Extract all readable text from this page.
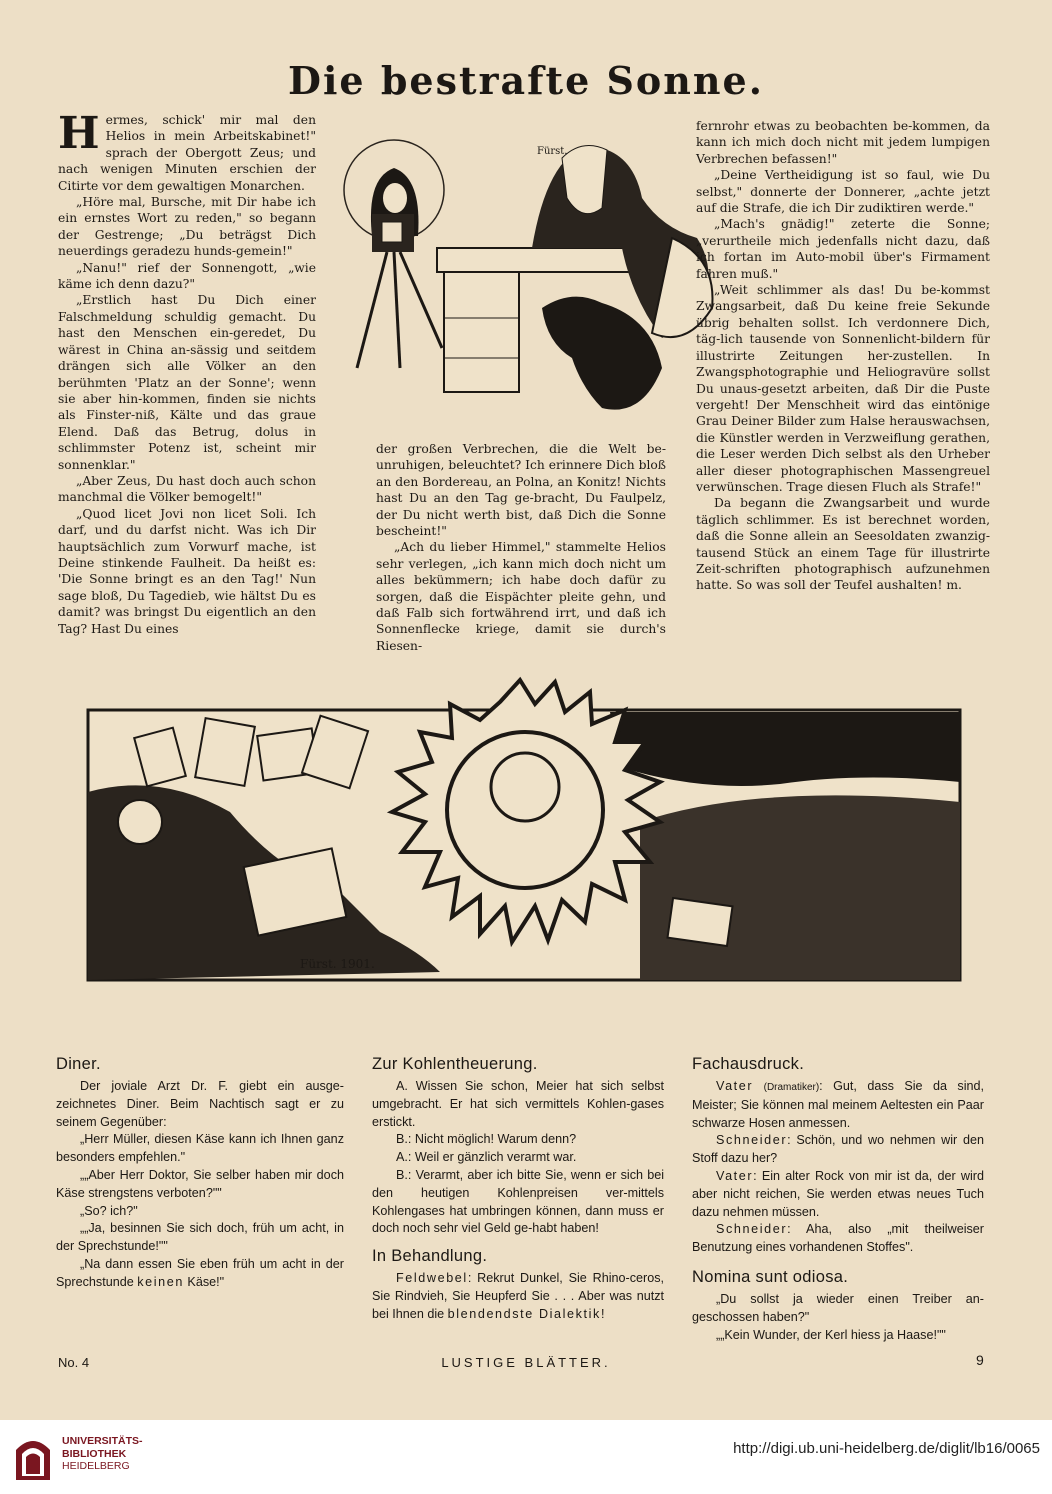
Die bestrafte Sonne.
Fürst.

Hermes, schick' mir mal den Helios in mein Arbeitskabinet!" sprach der Obergott Zeus; und nach wenigen Minuten erschien der Citirte vor dem gewaltigen Monarchen.

„Höre mal, Bursche, mit Dir habe ich ein ernstes Wort zu reden," so begann der Gestrenge; „Du beträgst Dich neuerdings geradezu hunds-gemein!"

„Nanu!" rief der Sonnengott, „wie käme ich denn dazu?"

„Erstlich hast Du Dich einer Falschmeldung schuldig gemacht. Du hast den Menschen ein-geredet, Du wärest in China an-sässig und seitdem drängen sich alle Völker an den berühmten 'Platz an der Sonne'; wenn sie aber hin-kommen, finden sie nichts als Finster-niß, Kälte und das graue Elend. Daß das Betrug, dolus in schlimmster Potenz ist, scheint mir sonnenklar."

„Aber Zeus, Du hast doch auch schon manchmal die Völker bemogelt!"

„Quod licet Jovi non licet Soli. Ich darf, und du darfst nicht. Was ich Dir hauptsächlich zum Vorwurf mache, ist Deine stinkende Faulheit. Da heißt es: 'Die Sonne bringt es an den Tag!' Nun sage bloß, Du Tagedieb, wie hältst Du es damit? was bringst Du eigentlich an den Tag? Hast Du eines

der großen Verbrechen, die die Welt be-unruhigen, beleuchtet? Ich erinnere Dich bloß an den Bordereau, an Polna, an Konitz! Nichts hast Du an den Tag ge-bracht, Du Faulpelz, der Du nicht werth bist, daß Dich die Sonne bescheint!"

„Ach du lieber Himmel," stammelte Helios sehr verlegen, „ich kann mich doch nicht um alles bekümmern; ich habe doch dafür zu sorgen, daß die Eispächter pleite gehn, und daß Falb sich fortwährend irrt, und daß ich Sonnenflecke kriege, damit sie durch's Riesen-

fernrohr etwas zu beobachten be-kommen, da kann ich mich doch nicht mit jedem lumpigen Verbrechen befassen!"

„Deine Vertheidigung ist so faul, wie Du selbst," donnerte der Donnerer, „achte jetzt auf die Strafe, die ich Dir zudiktiren werde."

„Mach's gnädig!" zeterte die Sonne; „verurtheile mich jedenfalls nicht dazu, daß ich fortan im Auto-mobil über's Firmament fahren muß."

„Weit schlimmer als das! Du be-kommst Zwangsarbeit, daß Du keine freie Sekunde übrig behalten sollst. Ich verdonnere Dich, täg-lich tausende von Sonnenlicht-bildern für illustrirte Zeitungen her-zustellen. In Zwangsphotographie und Heliogravüre sollst Du unaus-gesetzt arbeiten, daß Dir die Puste vergeht! Der Menschheit wird das eintönige Grau Deiner Bilder zum Halse herauswachsen, die Künstler werden in Verzweiflung gerathen, die Leser werden Dich selbst als den Urheber aller dieser photographischen Massengreuel verwünschen. Trage diesen Fluch als Strafe!"

Da begann die Zwangsarbeit und wurde täglich schlimmer. Es ist berechnet worden, daß die Sonne allein an Seesoldaten zwanzig-tausend Stück an einem Tage für illustrirte Zeit-schriften photographisch aufzunehmen hatte. So was soll der Teufel aushalten! m.

Fürst. 1901.
Diner.

Der joviale Arzt Dr. F. giebt ein ausge-zeichnetes Diner. Beim Nachtisch sagt er zu seinem Gegenüber:

„Herr Müller, diesen Käse kann ich Ihnen ganz besonders empfehlen."

„„Aber Herr Doktor, Sie selber haben mir doch Käse strengstens verboten?""

„So? ich?"

„„Ja, besinnen Sie sich doch, früh um acht, in der Sprechstunde!""

„Na dann essen Sie eben früh um acht in der Sprechstunde keinen Käse!"

Zur Kohlentheuerung.

A. Wissen Sie schon, Meier hat sich selbst umgebracht. Er hat sich vermittels Kohlen-gases erstickt.

B.: Nicht möglich! Warum denn?

A.: Weil er gänzlich verarmt war.

B.: Verarmt, aber ich bitte Sie, wenn er sich bei den heutigen Kohlenpreisen ver-mittels Kohlengases hat umbringen können, dann muss er doch noch sehr viel Geld ge-habt haben!

In Behandlung.

Feldwebel: Rekrut Dunkel, Sie Rhino-ceros, Sie Rindvieh, Sie Heupferd Sie . . . Aber was nutzt bei Ihnen die blendendste Dialektik!

Fachausdruck.

Vater (Dramatiker): Gut, dass Sie da sind, Meister; Sie können mal meinem Aeltesten ein Paar schwarze Hosen anmessen.

Schneider: Schön, und wo nehmen wir den Stoff dazu her?

Vater: Ein alter Rock von mir ist da, der wird aber nicht reichen, Sie werden etwas neues Tuch dazu nehmen müssen.

Schneider: Aha, also „mit theilweiser Benutzung eines vorhandenen Stoffes".

Nomina sunt odiosa.

„Du sollst ja wieder einen Treiber an-geschossen haben?"

„„Kein Wunder, der Kerl hiess ja Haase!""

No. 4	LUSTIGE BLÄTTER.	9
UNIVERSITÄTS-
BIBLIOTHEK
HEIDELBERG
http://digi.ub.uni-heidelberg.de/diglit/lb16/0065
